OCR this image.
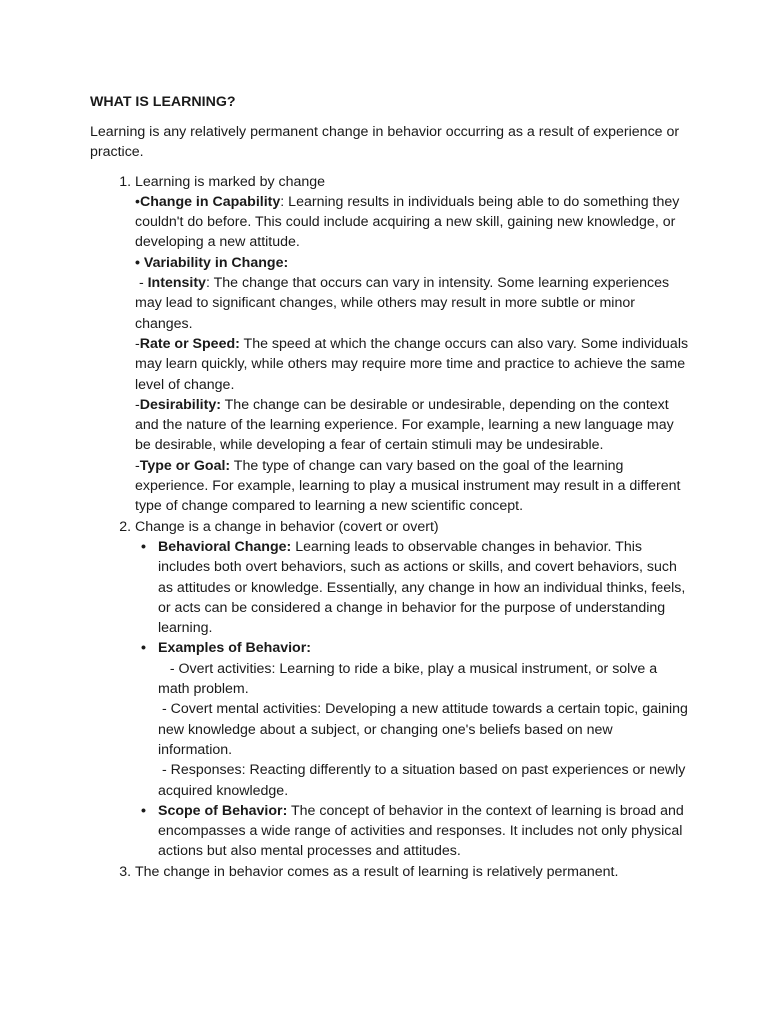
WHAT IS LEARNING?

Learning is any relatively permanent change in behavior occurring as a result of experience or practice.

1. Learning is marked by change
•Change in Capability: Learning results in individuals being able to do something they couldn't do before. This could include acquiring a new skill, gaining new knowledge, or developing a new attitude.
• Variability in Change:
- Intensity: The change that occurs can vary in intensity. Some learning experiences may lead to significant changes, while others may result in more subtle or minor changes.
-Rate or Speed: The speed at which the change occurs can also vary. Some individuals may learn quickly, while others may require more time and practice to achieve the same level of change.
-Desirability: The change can be desirable or undesirable, depending on the context and the nature of the learning experience. For example, learning a new language may be desirable, while developing a fear of certain stimuli may be undesirable.
-Type or Goal: The type of change can vary based on the goal of the learning experience. For example, learning to play a musical instrument may result in a different type of change compared to learning a new scientific concept.
2. Change is a change in behavior (covert or overt)
• Behavioral Change: Learning leads to observable changes in behavior. This includes both overt behaviors, such as actions or skills, and covert behaviors, such as attitudes or knowledge. Essentially, any change in how an individual thinks, feels, or acts can be considered a change in behavior for the purpose of understanding learning.
• Examples of Behavior:
- Overt activities: Learning to ride a bike, play a musical instrument, or solve a math problem.
- Covert mental activities: Developing a new attitude towards a certain topic, gaining new knowledge about a subject, or changing one's beliefs based on new information.
- Responses: Reacting differently to a situation based on past experiences or newly acquired knowledge.
• Scope of Behavior: The concept of behavior in the context of learning is broad and encompasses a wide range of activities and responses. It includes not only physical actions but also mental processes and attitudes.
3. The change in behavior comes as a result of learning is relatively permanent.
